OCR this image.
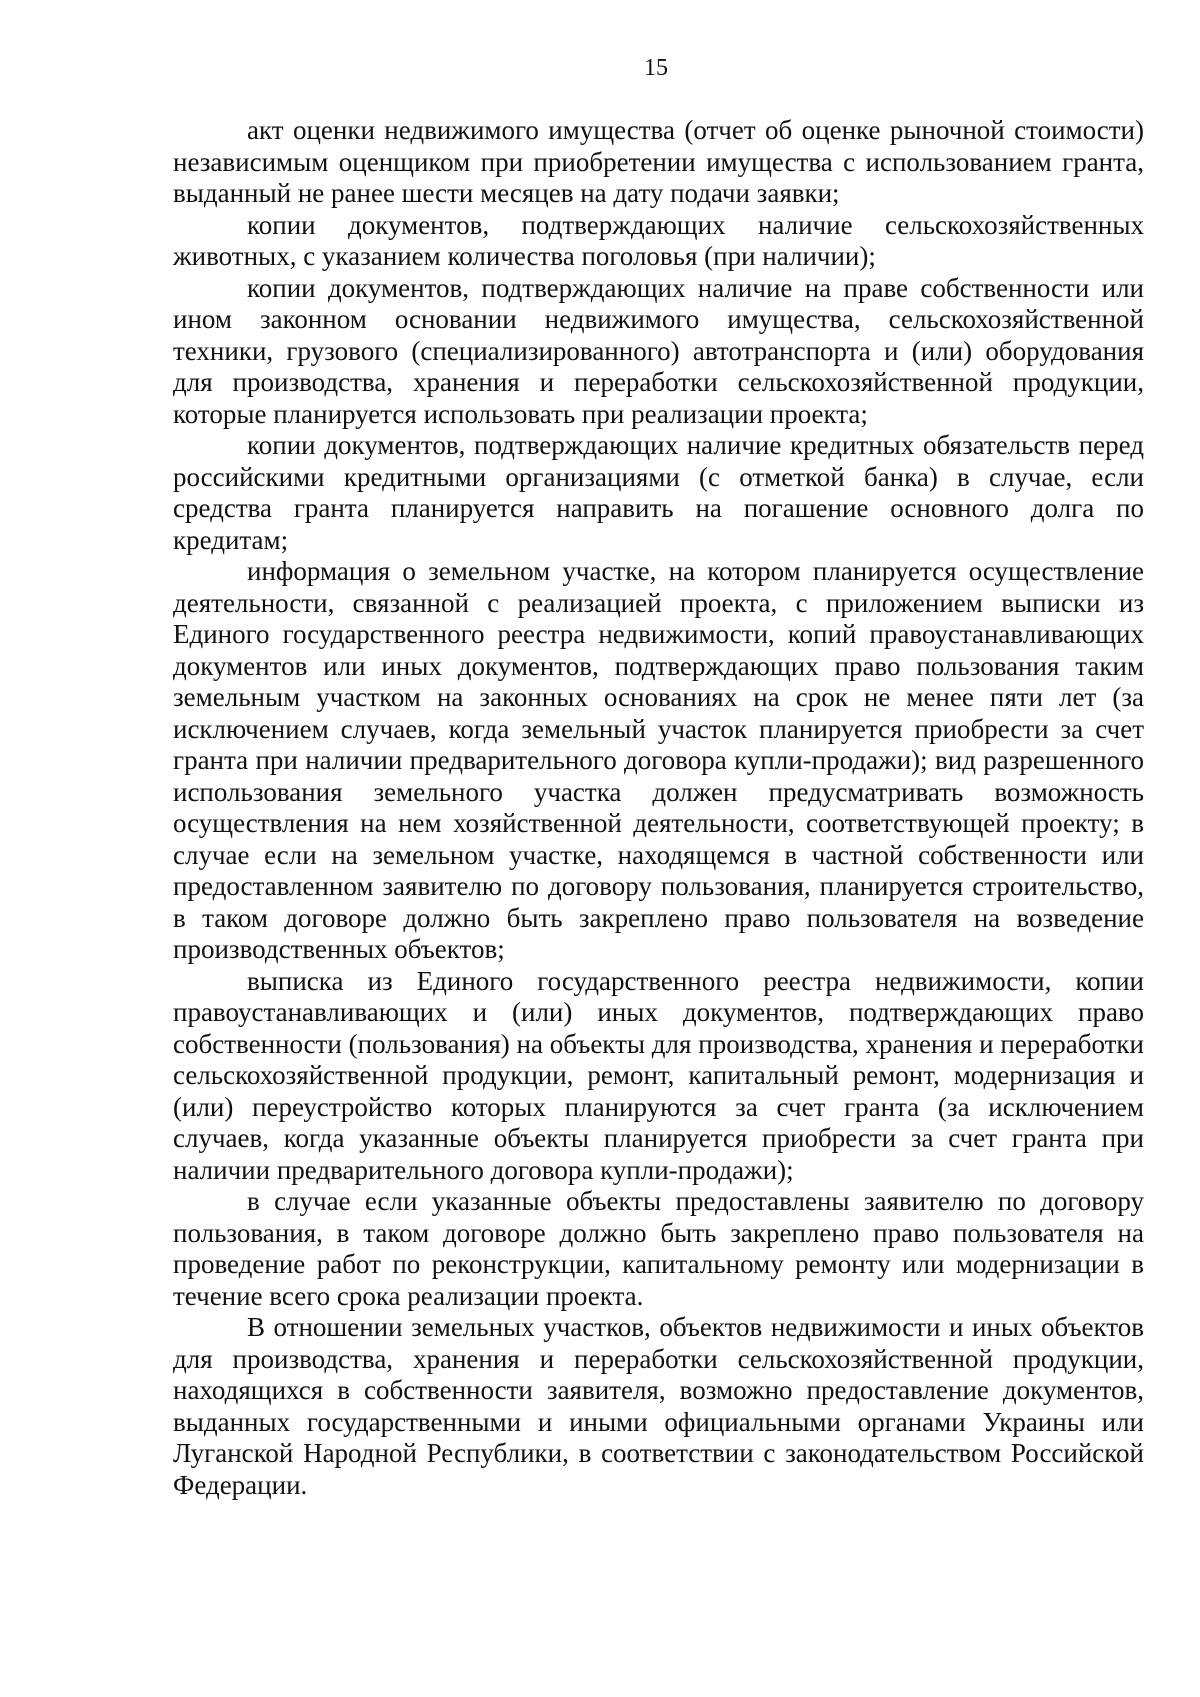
15

акт оценки недвижимого имущества (отчет об оценке рыночной стоимости) независимым оценщиком при приобретении имущества с использованием гранта, выданный не ранее шести месяцев на дату подачи заявки;

копии документов, подтверждающих наличие сельскохозяйственных животных, с указанием количества поголовья (при наличии);

копии документов, подтверждающих наличие на праве собственности или ином законном основании недвижимого имущества, сельскохозяйственной техники, грузового (специализированного) автотранспорта и (или) оборудования для производства, хранения и переработки сельскохозяйственной продукции, которые планируется использовать при реализации проекта;

копии документов, подтверждающих наличие кредитных обязательств перед российскими кредитными организациями (с отметкой банка) в случае, если средства гранта планируется направить на погашение основного долга по кредитам;

информация о земельном участке, на котором планируется осуществление деятельности, связанной с реализацией проекта, с приложением выписки из Единого государственного реестра недвижимости, копий правоустанавливающих документов или иных документов, подтверждающих право пользования таким земельным участком на законных основаниях на срок не менее пяти лет (за исключением случаев, когда земельный участок планируется приобрести за счет гранта при наличии предварительного договора купли-продажи); вид разрешенного использования земельного участка должен предусматривать возможность осуществления на нем хозяйственной деятельности, соответствующей проекту; в случае если на земельном участке, находящемся в частной собственности или предоставленном заявителю по договору пользования, планируется строительство, в таком договоре должно быть закреплено право пользователя на возведение производственных объектов;

выписка из Единого государственного реестра недвижимости, копии правоустанавливающих и (или) иных документов, подтверждающих право собственности (пользования) на объекты для производства, хранения и переработки сельскохозяйственной продукции, ремонт, капитальный ремонт, модернизация и (или) переустройство которых планируются за счет гранта (за исключением случаев, когда указанные объекты планируется приобрести за счет гранта при наличии предварительного договора купли-продажи);

в случае если указанные объекты предоставлены заявителю по договору пользования, в таком договоре должно быть закреплено право пользователя на проведение работ по реконструкции, капитальному ремонту или модернизации в течение всего срока реализации проекта.

В отношении земельных участков, объектов недвижимости и иных объектов для производства, хранения и переработки сельскохозяйственной продукции, находящихся в собственности заявителя, возможно предоставление документов, выданных государственными и иными официальными органами Украины или Луганской Народной Республики, в соответствии с законодательством Российской Федерации.
